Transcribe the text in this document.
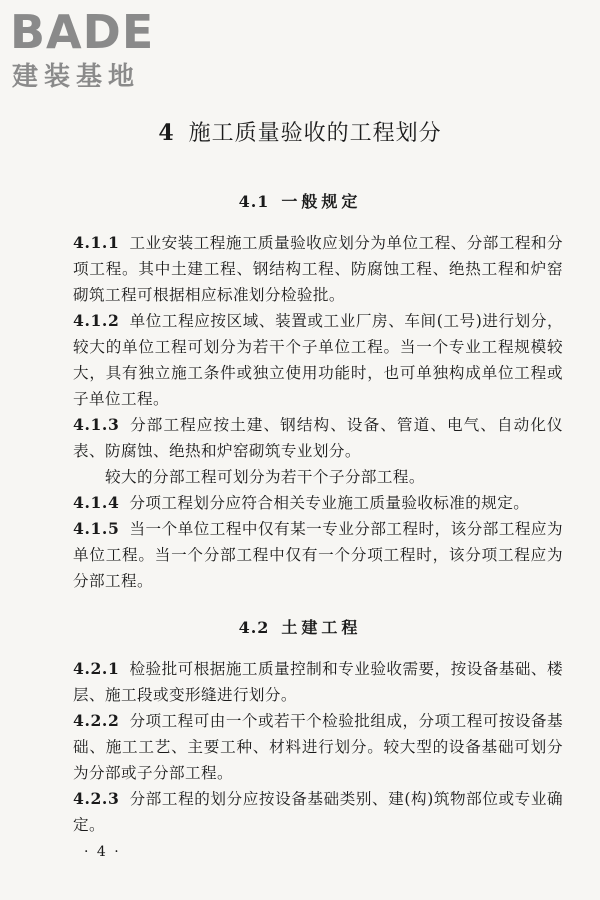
BADE
建装基地
4 施工质量验收的工程划分
4.1 一般规定
4.1.1 工业安装工程施工质量验收应划分为单位工程、分部工程和分项工程。其中土建工程、钢结构工程、防腐蚀工程、绝热工程和炉窑砌筑工程可根据相应标准划分检验批。
4.1.2 单位工程应按区域、装置或工业厂房、车间(工号)进行划分，较大的单位工程可划分为若干个子单位工程。当一个专业工程规模较大，具有独立施工条件或独立使用功能时，也可单独构成单位工程或子单位工程。
4.1.3 分部工程应按土建、钢结构、设备、管道、电气、自动化仪表、防腐蚀、绝热和炉窑砌筑专业划分。
较大的分部工程可划分为若干个子分部工程。
4.1.4 分项工程划分应符合相关专业施工质量验收标准的规定。
4.1.5 当一个单位工程中仅有某一专业分部工程时，该分部工程应为单位工程。当一个分部工程中仅有一个分项工程时，该分项工程应为分部工程。
4.2 土建工程
4.2.1 检验批可根据施工质量控制和专业验收需要，按设备基础、楼层、施工段或变形缝进行划分。
4.2.2 分项工程可由一个或若干个检验批组成，分项工程可按设备基础、施工工艺、主要工种、材料进行划分。较大型的设备基础可划分为分部或子分部工程。
4.2.3 分部工程的划分应按设备基础类别、建(构)筑物部位或专业确定。
· 4 ·
